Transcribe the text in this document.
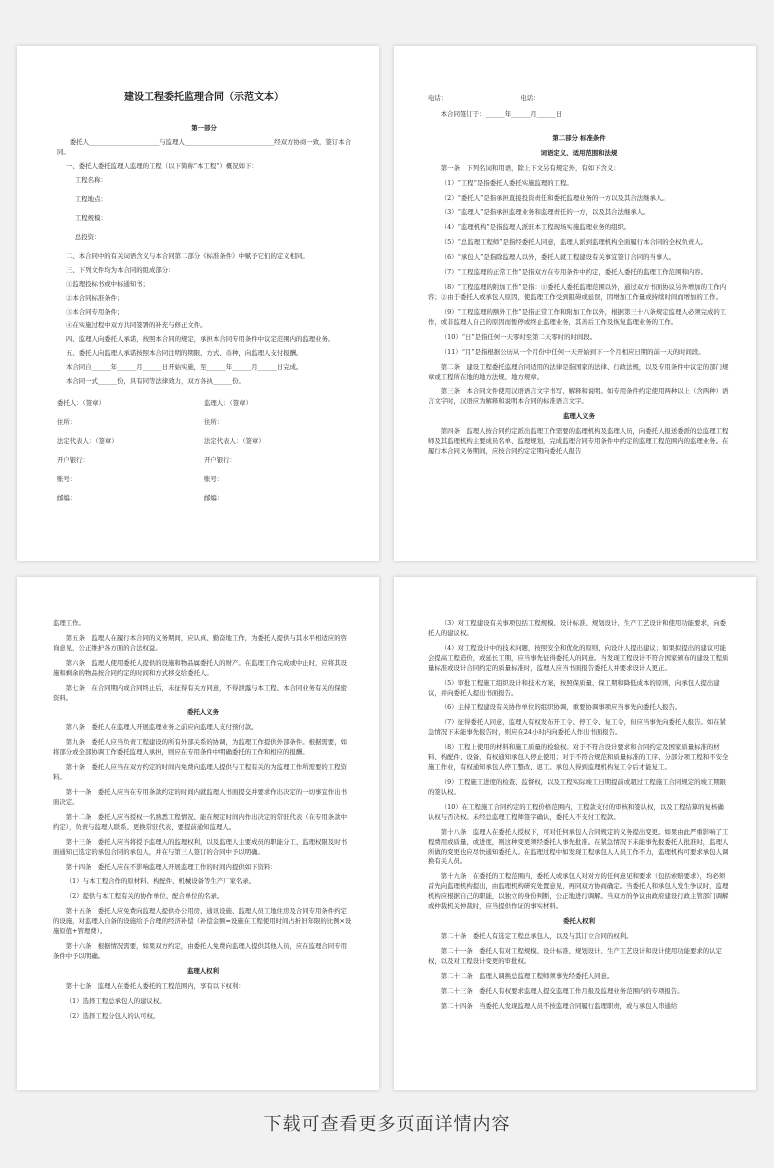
建设工程委托监理合同（示范文本）
第一部分
委托人______________________与监理人____________________________经双方协商一致，签订本合同。
一、委托人委托监理人监理的工程（以下简称“本工程”）概况如下：
工程名称：
工程地点：
工程规模：
总投资：
二、本合同中的有关词语含义与本合同第二部分《标准条件》中赋予它们的定义相同。
三、下列文件均为本合同的组成部分：
①监理投标书或中标通知书；
②本合同标准条件；
③本合同专用条件；
④在实施过程中双方共同签署的补充与修正文件。
四、监理人向委托人承诺，按照本合同的规定，承担本合同专用条件中议定范围内的监理业务。
五、委托人向监理人承诺按照本合同注明的期限、方式、币种，向监理人支付报酬。
本合同自______年______月______日开始实施，至______年______月______日完成。
本合同一式______份，具有同等法律效力，双方各执______份。
委托人：（签章）	监理人：（签章）
住所：	住所：
法定代表人：（签章）	法定代表人：（签章）
开户银行：	开户银行：
账号：	账号：
邮编：	邮编：
电话：                                    电话：
本合同签订于：______年______月______日
第二部分 标准条件
词语定义、适用范围和法规
第一条　下列名词和用语，除上下文另有规定外，有如下含义：
（1）“工程”是指委托人委托实施监理的工程。
（2）“委托人”是指承担直接投资责任和委托监理业务的一方以及其合法继承人。
（3）“监理人”是指承担监理业务和监理责任的一方，以及其合法继承人。
（4）“监理机构”是指监理人派驻本工程现场实施监理业务的组织。
（5）“总监理工程师”是指经委托人同意，监理人派到监理机构全面履行本合同的全权负责人。
（6）“承包人”是指除监理人以外，委托人就工程建设有关事宜签订合同的当事人。
（7）“工程监理的正常工作”是指双方在专用条件中约定，委托人委托的监理工作范围和内容。
（8）“工程监理的附加工作”是指：①委托人委托监理范围以外，通过双方书面协议另外增加的工作内容；②由于委托人或承包人原因，使监理工作受到阻碍或延误，因增加工作量或持续时间而增加的工作。
（9）“工程监理的额外工作”是指正常工作和附加工作以外，根据第三十八条规定监理人必须完成的工作，或非监理人自己的原因而暂停或终止监理业务，其善后工作及恢复监理业务的工作。
（10）“日”是指任何一天零时至第二天零时的时间段。
（11）“月”是指根据公历从一个月份中任何一天开始到下一个月相应日期的前一天的时间段。
第二条　建设工程委托监理合同适用的法律是指国家的法律、行政法规，以及专用条件中议定的部门规章或工程所在地的地方法规、地方规章。
第三条　本合同文件使用汉语语言文字书写、解释和说明。如专用条件约定使用两种以上（含两种）语言文字时，汉语应为解释和说明本合同的标准语言文字。
监理人义务
第四条　监理人按合同约定派出监理工作需要的监理机构及监理人员，向委托人报送委派的总监理工程师及其监理机构主要成员名单、监理规划，完成监理合同专用条件中约定的监理工程范围内的监理业务。在履行本合同义务期间，应按合同约定定期向委托人报告
监理工作。
第五条　监理人在履行本合同的义务期间，应认真、勤奋地工作，为委托人提供与其水平相适应的咨询意见，公正维护各方面的合法权益。
第六条　监理人使用委托人提供的设施和物品属委托人的财产。在监理工作完成或中止时，应将其设施和剩余的物品按合同约定的时间和方式移交给委托人。
第七条　在合同期内或合同终止后，未征得有关方同意，不得泄露与本工程、本合同业务有关的保密资料。
委托人义务
第八条　委托人在监理人开展监理业务之前应向监理人支付预付款。
第九条　委托人应当负责工程建设的所有外部关系的协调，为监理工作提供外部条件。根据需要，如将部分或全部协调工作委托监理人承担，则应在专用条件中明确委托的工作和相应的报酬。
第十条　委托人应当在双方约定的时间内免费向监理人提供与工程有关的为监理工作所需要的工程资料。
第十一条　委托人应当在专用条款约定的时间内就监理人书面提交并要求作出决定的一切事宜作出书面决定。
第十二条　委托人应当授权一名熟悉工程情况、能在规定时间内作出决定的常驻代表（在专用条款中约定），负责与监理人联系。更换常驻代表，要提前通知监理人。
第十三条　委托人应当将授予监理人的监理权利，以及监理人主要成员的职能分工、监理权限及时书面通知已选定的承包合同的承包人，并在与第三人签订的合同中予以明确。
第十四条　委托人应在不影响监理人开展监理工作的时间内提供如下资料：
（1）与本工程合作的原材料、构配件、机械设备等生产厂家名录。
（2）提供与本工程有关的协作单位、配合单位的名录。
第十五条　委托人应免费向监理人提供办公用房、通讯设施、监理人员工地住房及合同专用条件约定的设施，对监理人自备的设施给予合理的经济补偿（补偿金额=设施在工程使用时间占折旧年限的比例×设施原值+管理费）。
第十六条　根据情况需要，如果双方约定，由委托人免费向监理人提供其他人员，应在监理合同专用条件中予以明确。
监理人权利
第十七条　监理人在委托人委托的工程范围内，享有以下权利：
（1）选择工程总承包人的建议权。
（2）选择工程分包人的认可权。
（3）对工程建设有关事项包括工程规模、设计标准、规划设计、生产工艺设计和使用功能要求，向委托人的建议权。
（4）对工程设计中的技术问题，按照安全和优化的原则，向设计人提出建议；如果拟提出的建议可能会提高工程造价，或延长工期，应当事先征得委托人的同意。当发现工程设计不符合国家颁布的建设工程质量标准或设计合同约定的质量标准时，监理人应当书面报告委托人并要求设计人更正。
（5）审批工程施工组织设计和技术方案，按照保质量、保工期和降低成本的原则，向承包人提出建议，并向委托人提出书面报告。
（6）主持工程建设有关协作单位的组织协调，重要协调事项应当事先向委托人报告。
（7）征得委托人同意，监理人有权发布开工令、停工令、复工令，但应当事先向委托人报告。如在紧急情况下未能事先报告时，则应在24小时内向委托人作出书面报告。
（8）工程上使用的材料和施工质量的检验权。对于不符合设计要求和合同约定及国家质量标准的材料、构配件、设备，有权通知承包人停止使用；对于不符合规范和质量标准的工序、分部分项工程和不安全施工作业，有权通知承包人停工整改、返工。承包人得到监理机构复工令后才能复工。
（9）工程施工进度的检查、监督权，以及工程实际竣工日期提前或超过工程施工合同规定的竣工期限的签认权。
（10）在工程施工合同约定的工程价格范围内，工程款支付的审核和签认权，以及工程结算的复核确认权与否决权。未经总监理工程师签字确认，委托人不支付工程款。
第十八条　监理人在委托人授权下，可对任何承包人合同规定的义务提出变更。如果由此严重影响了工程费用或质量、或进度，则这种变更须经委托人事先批准。在紧急情况下未能事先报委托人批准时，监理人所做的变更也应尽快通知委托人。在监理过程中如发现工程承包人人员工作不力，监理机构可要求承包人调换有关人员。
第十九条　在委托的工程范围内，委托人或承包人对对方的任何意见和要求（包括索赔要求），均必须首先向监理机构提出，由监理机构研究处置意见，再同双方协商确定。当委托人和承包人发生争议时，监理机构应根据自己的职能，以独立的身份判断，公正地进行调解。当双方的争议由政府建设行政主管部门调解或仲裁机关仲裁时，应当提供作证的事实材料。
委托人权利
第二十条　委托人有选定工程总承包人，以及与其订立合同的权利。
第二十一条　委托人有对工程规模、设计标准、规划设计、生产工艺设计和设计使用功能要求的认定权，以及对工程设计变更的审批权。
第二十二条　监理人调换总监理工程师须事先经委托人同意。
第二十三条　委托人有权要求监理人提交监理工作月报及监理业务范围内的专项报告。
第二十四条　当委托人发现监理人员不按监理合同履行监理职责，或与承包人串通给
下载可查看更多页面详情内容
